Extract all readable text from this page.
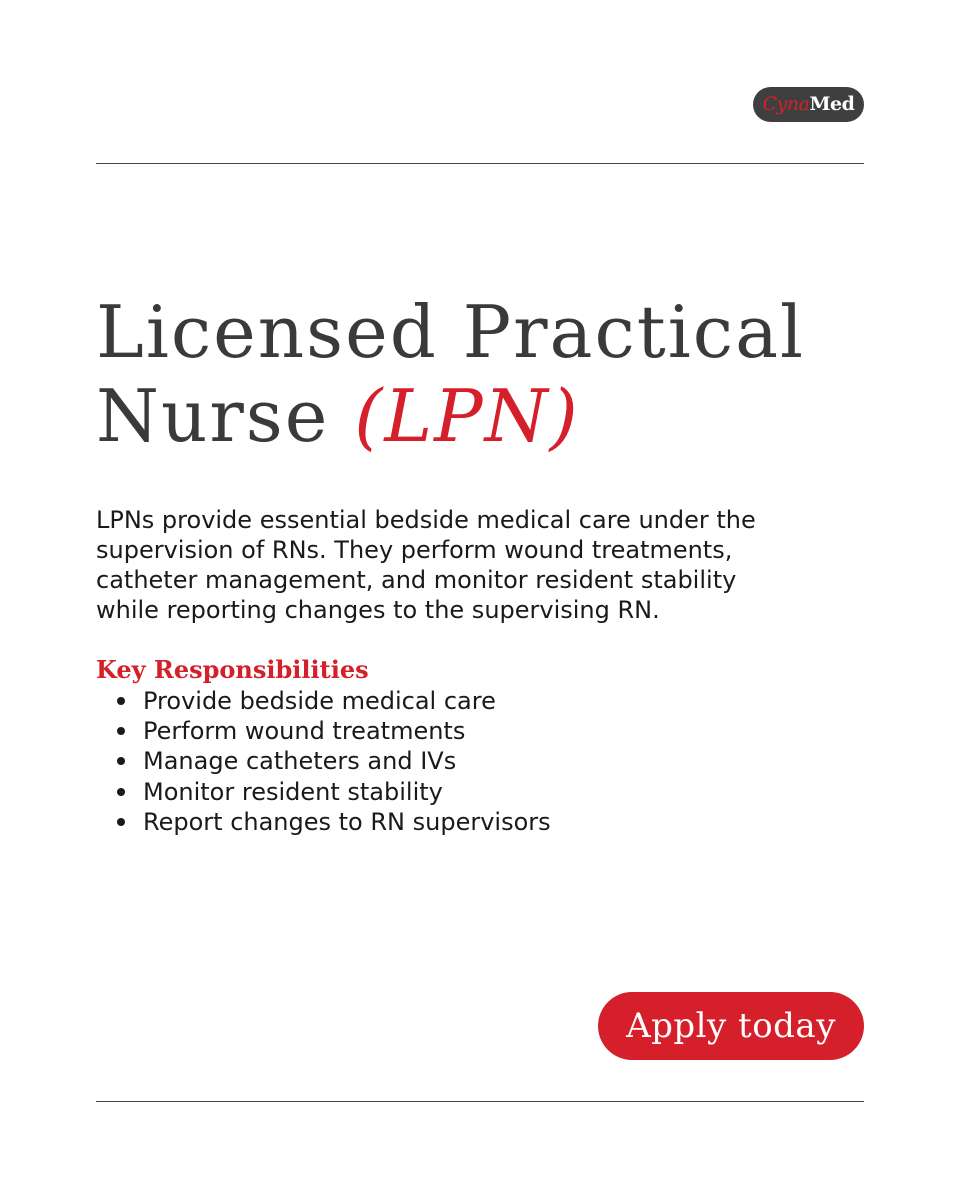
Cyna Med
Licensed Practical
Nurse (LPN)

LPNs provide essential bedside medical care under the
supervision of RNs. They perform wound treatments,
catheter management, and monitor resident stability
while reporting changes to the supervising RN.

Key Responsibilities
Provide bedside medical care
Perform wound treatments
Manage catheters and IVs
Monitor resident stability
Report changes to RN supervisors
Apply today
